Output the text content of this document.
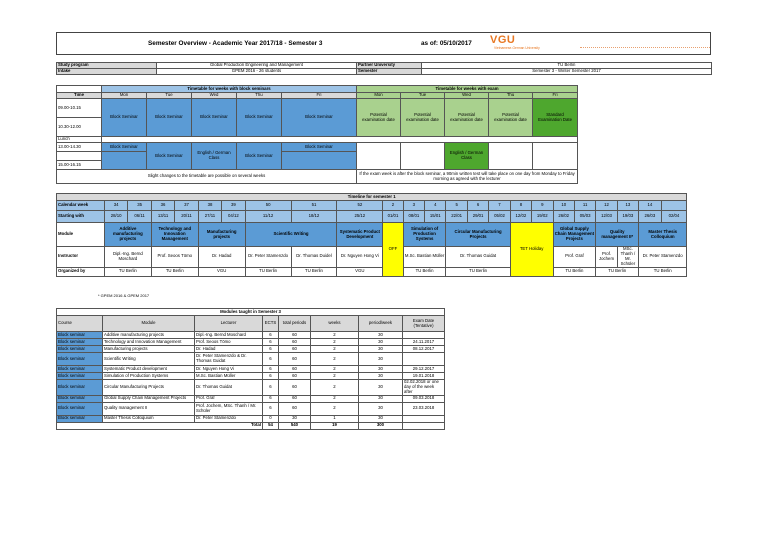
Semester Overview - Academic Year 2017/18 - Semester 3	as of: 05/10/2017 VGU
Vietnamese-German University
Study program	Global Production Engineering and Management	Partner University	TU Berlin
Intake	GPEM 2016 - 26 students	Semester	Semester 3 - Winter Semester 2017
	Timetable for weeks with block seminars					Timetable for weeks with exam				
Time	Mon	Tue	Wed	Thu	Fri	Mon	Tue	Wed	Thu	Fri
09.00-10.15	Block Seminar	Block Seminar	Block Seminar	Block Seminar	Block Seminar	Potential examination date	Potential examination date	Potential examination date	Potential examination date	Standard Examination Date
10.30-12.00										
Lunch										
13.00-14.30	Block Seminar	Block Seminar	English / German Class	Block Seminar	Block Seminar			English / German Class		

15.00-16.15										
Slight changes to the timetable are possible on several weeks						If the exam week is after the block seminar, a 90min written test will take place on one day from Monday to Friday
morning as agreed with the lecturer				
Timeline for semester 1																							
Calendar week	34	35	36	37	38	39	50	51	52	2	3	4	5	6	7	8	9	10	11	12	13	14	
Starting with	28/10	06/11	13/11	20/11	27/11	04/12	11/12	18/12	25/12	01/01	08/01	15/01	22/01	29/01	05/02	12/02	19/02	26/02	05/03	12/03	19/03	26/03	02/04
Module	Additive manufacturing projects		Technology and Innovation Management		Manufacturing projects		Scientific Writing		Systematic Product Development	OFF	Simulation of Production Systems		Circular Manufacturing Projects			TET Holiday		Global Supply Chain Management Projects		Quality management II*		Master Thesis Colloquium	
Instructor	Dipl.-Ing. Bernd Moschard		Prof. Seoos Tömo		Dr. Hadad		Dr. Peter Stamenzdo	Dr. Thomas Duidel	Dr. Nguyen Hong Vi		M.Sc. Bastian Müller		Dr. Thomas Guidat					Prof. Graf		Prof. Jochem	MSc. Thanh / Mr. Schüler	Dr. Peter Stamenzdo	
Organized by	TU Berlin		TU Berlin		VGU		TU Berlin	TU Berlin	VGU		TU Berlin		TU Berlin					TU Berlin		TU Berlin		TU Berlin	
* GPEM 2016 & GPEM 2017
Modules taught in Semester 3							
Course	Module	Lecturer	ECTS	total periods	weeks	period/week	Exam Date (Tentative)
Block seminar	Additive manufacturing projects	Dipl.-Ing. Bernd Moschard	6	60	2	30	
Block seminar	Technology and Innovation Management	Prof. Seoos Tömo	6	60	2	30	24.11.2017
Block seminar	Manufacturing projects	Dr. Hadad	6	60	2	30	08.12.2017
Block seminar	Scientific Writing	Dr. Peter Stamenzdo & Dr. Thomas Guidat	6	60	2	30	
Block seminar	Systematic Product development	Dr. Nguyen Hong Vi	6	60	2	30	29.12.2017
Block seminar	Simulation of Production Systems	M.Sc. Bastian Müller	6	60	2	30	19.01.2018
Block seminar	Circular Manufacturing Projects	Dr. Thomas Guidat	6	60	2	30	02.02.2018 or one day of the week after
Block seminar	Global Supply Chain Management Projects	Prof. Graf	6	60	2	30	09.03.2018
Block seminar	Quality management II	Prof. Jochem, MSc. Thanh / Mr. Schüler	6	60	2	30	23.03.2018
Block seminar	Master Thesis Colloquium	Dr. Peter Stamenzdo	0	30	1	30	
Total			54	540	19	300	
